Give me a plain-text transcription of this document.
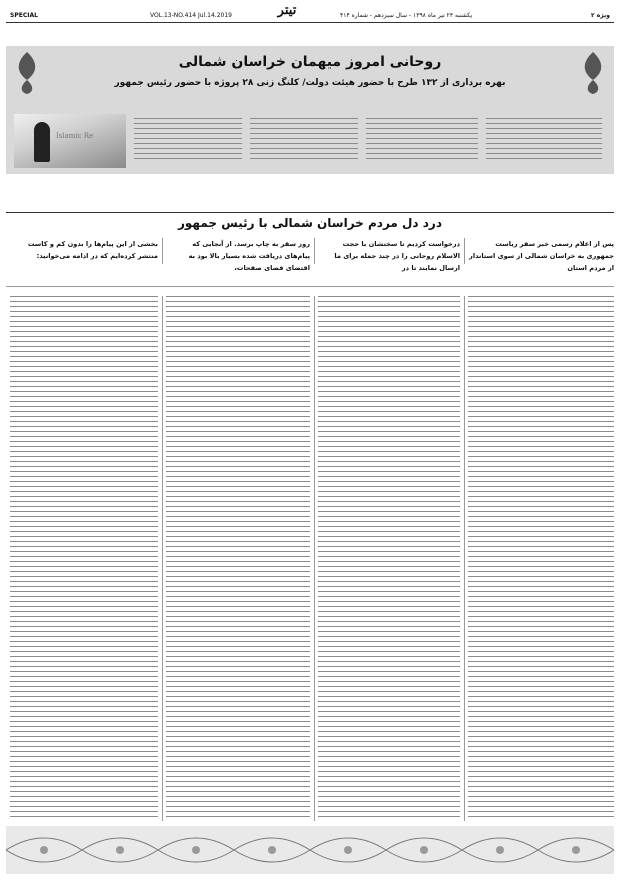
SPECIAL	VOL.13-NO.414 Jul.14.2019	تیتر	یکشنبه ۲۳ تیر ماه ۱۳۹۸ - سال سیزدهم - شماره ۴۱۴	ویژه ۲
روحانی امروز میهمان خراسان شمالی
بهره برداری از ۱۳۲ طرح با حضور هیئت دولت/ کلنگ زنی ۲۸ پروژه با حضور رئیس جمهور
Islamic Re
درد دل مردم خراسان شمالی با رئیس جمهور
پس از اعلام رسمی خبر سفر ریاست جمهوری به خراسان شمالی از سوی استاندار از مردم استان
درخواست کردیم تا سخنشان با حجت الاسلام روحانی را در چند جمله برای ما ارسال نمایند تا در
روز سفر به چاپ برسد. از آنجایی که پیام‌های دریافت شده بسیار بالا بود به اقتضای فضای صفحات،
بخشی از این پیام‌ها را بدون کم و کاست منتشر کرده‌ایم که در ادامه می‌خوانید:
